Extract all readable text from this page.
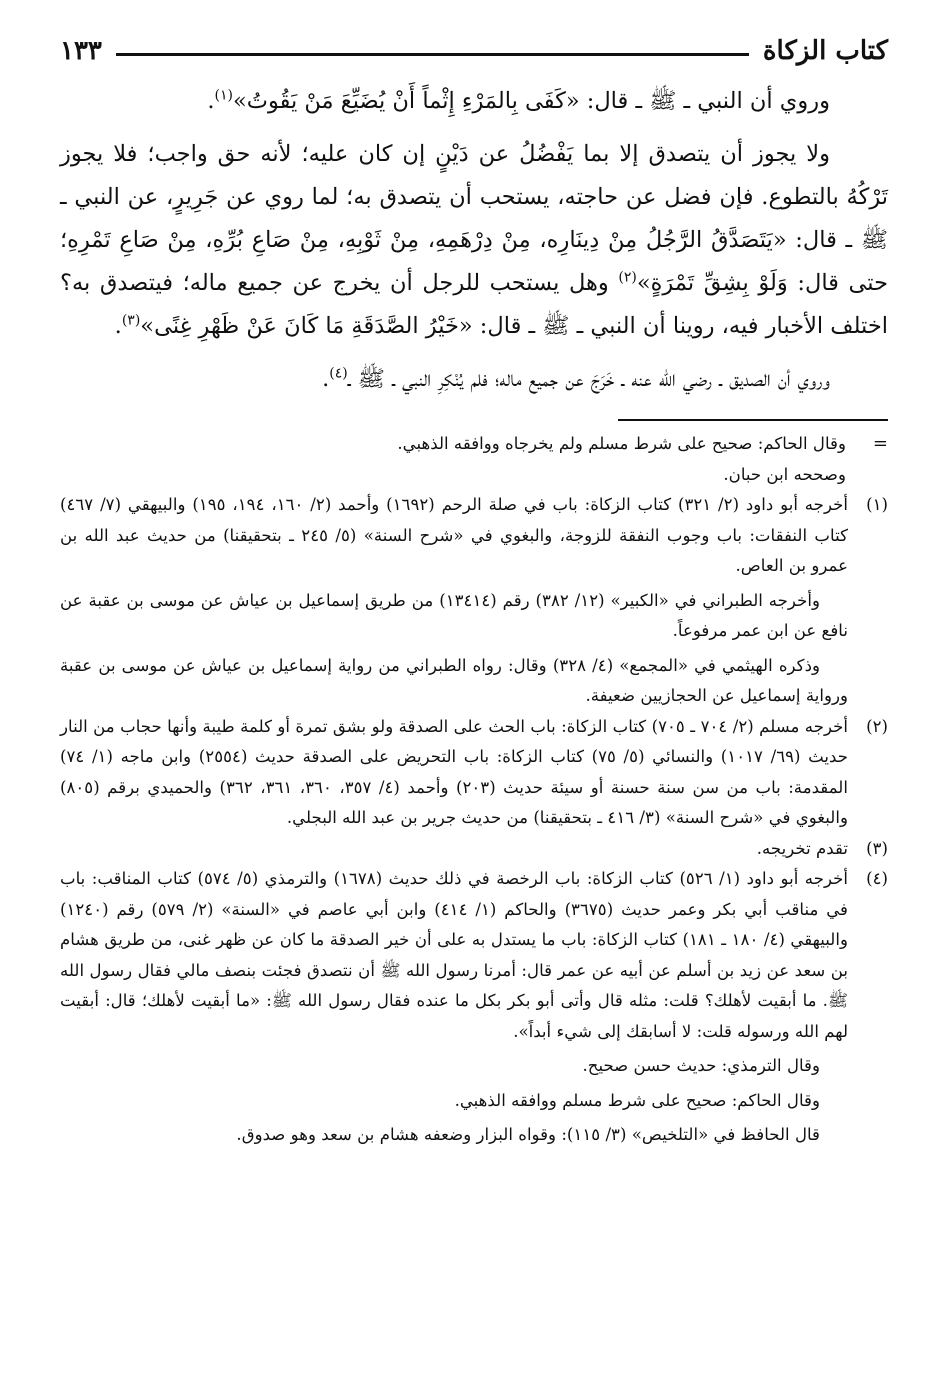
كتاب الزكاة
١٣٣

وروي أن النبي ـ ﷺ ـ قال: «كَفَى بِالمَرْءِ إِثْماً أَنْ يُضَيِّعَ مَنْ يَقُوتُ»$^{(١)}$.

ولا يجوز أن يتصدق إلا بما يَفْضُلُ عن دَيْنٍ إن كان عليه؛ لأنه حق واجب؛ فلا يجوز تَرْكُهُ بالتطوع. فإن فضل عن حاجته، يستحب أن يتصدق به؛ لما روي عن جَرِيرٍ، عن النبي ـ ﷺ ـ قال: «يَتَصَدَّقُ الرَّجُلُ مِنْ دِينَارِه، مِنْ دِرْهَمِهِ، مِنْ ثَوْبِهِ، مِنْ صَاعِ بُرِّهِ، مِنْ صَاعِ تَمْرِهِ؛ حتى قال: وَلَوْ بِشِقِّ تَمْرَةٍ»$^{(٢)}$ وهل يستحب للرجل أن يخرج عن جميع ماله؛ فيتصدق به؟ اختلف الأخبار فيه، روينا أن النبي ـ ﷺ ـ قال: «خَيْرُ الصَّدَقَةِ مَا كَانَ عَنْ ظَهْرِ غِنًى»$^{(٣)}$.

وروي أن الصديق ـ رضي الله عنه ـ خَرَجَ عن جميع ماله؛ فلم يُنْكِرِ النبي ـ ﷺ ـ$^{(٤)}$.

=

وقال الحاكم: صحيح على شرط مسلم ولم يخرجاه ووافقه الذهبي.

وصححه ابن حبان.

(١)

أخرجه أبو داود (٢/ ٣٢١) كتاب الزكاة: باب في صلة الرحم (١٦٩٢) وأحمد (٢/ ١٦٠، ١٩٤، ١٩٥) والبيهقي (٧/ ٤٦٧) كتاب النفقات: باب وجوب النفقة للزوجة، والبغوي في «شرح السنة» (٥/ ٢٤٥ ـ بتحقيقنا) من حديث عبد الله بن عمرو بن العاص.

وأخرجه الطبراني في «الكبير» (١٢/ ٣٨٢) رقم (١٣٤١٤) من طريق إسماعيل بن عياش عن موسى بن عقبة عن نافع عن ابن عمر مرفوعاً.

وذكره الهيثمي في «المجمع» (٤/ ٣٢٨) وقال: رواه الطبراني من رواية إسماعيل بن عياش عن موسى بن عقبة ورواية إسماعيل عن الحجازيين ضعيفة.

(٢)

أخرجه مسلم (٢/ ٧٠٤ ـ ٧٠٥) كتاب الزكاة: باب الحث على الصدقة ولو بشق تمرة أو كلمة طيبة وأنها حجاب من النار حديث (٦٩/ ١٠١٧) والنسائي (٥/ ٧٥) كتاب الزكاة: باب التحريض على الصدقة حديث (٢٥٥٤) وابن ماجه (١/ ٧٤) المقدمة: باب من سن سنة حسنة أو سيئة حديث (٢٠٣) وأحمد (٤/ ٣٥٧، ٣٦٠، ٣٦١، ٣٦٢) والحميدي برقم (٨٠٥) والبغوي في «شرح السنة» (٣/ ٤١٦ ـ بتحقيقنا) من حديث جرير بن عبد الله البجلي.

(٣)

تقدم تخريجه.

(٤)

أخرجه أبو داود (١/ ٥٢٦) كتاب الزكاة: باب الرخصة في ذلك حديث (١٦٧٨) والترمذي (٥/ ٥٧٤) كتاب المناقب: باب في مناقب أبي بكر وعمر حديث (٣٦٧٥) والحاكم (١/ ٤١٤) وابن أبي عاصم في «السنة» (٢/ ٥٧٩) رقم (١٢٤٠) والبيهقي (٤/ ١٨٠ ـ ١٨١) كتاب الزكاة: باب ما يستدل به على أن خير الصدقة ما كان عن ظهر غنى، من طريق هشام بن سعد عن زيد بن أسلم عن أبيه عن عمر قال: أمرنا رسول الله ﷺ أن نتصدق فجئت بنصف مالي فقال رسول الله ﷺ. ما أبقيت لأهلك؟ قلت: مثله قال وأتى أبو بكر بكل ما عنده فقال رسول الله ﷺ: «ما أبقيت لأهلك؛ قال: أبقيت لهم الله ورسوله قلت: لا أسابقك إلى شيء أبداً».

وقال الترمذي: حديث حسن صحيح.

وقال الحاكم: صحيح على شرط مسلم ووافقه الذهبي.

قال الحافظ في «التلخيص» (٣/ ١١٥): وقواه البزار وضعفه هشام بن سعد وهو صدوق.
